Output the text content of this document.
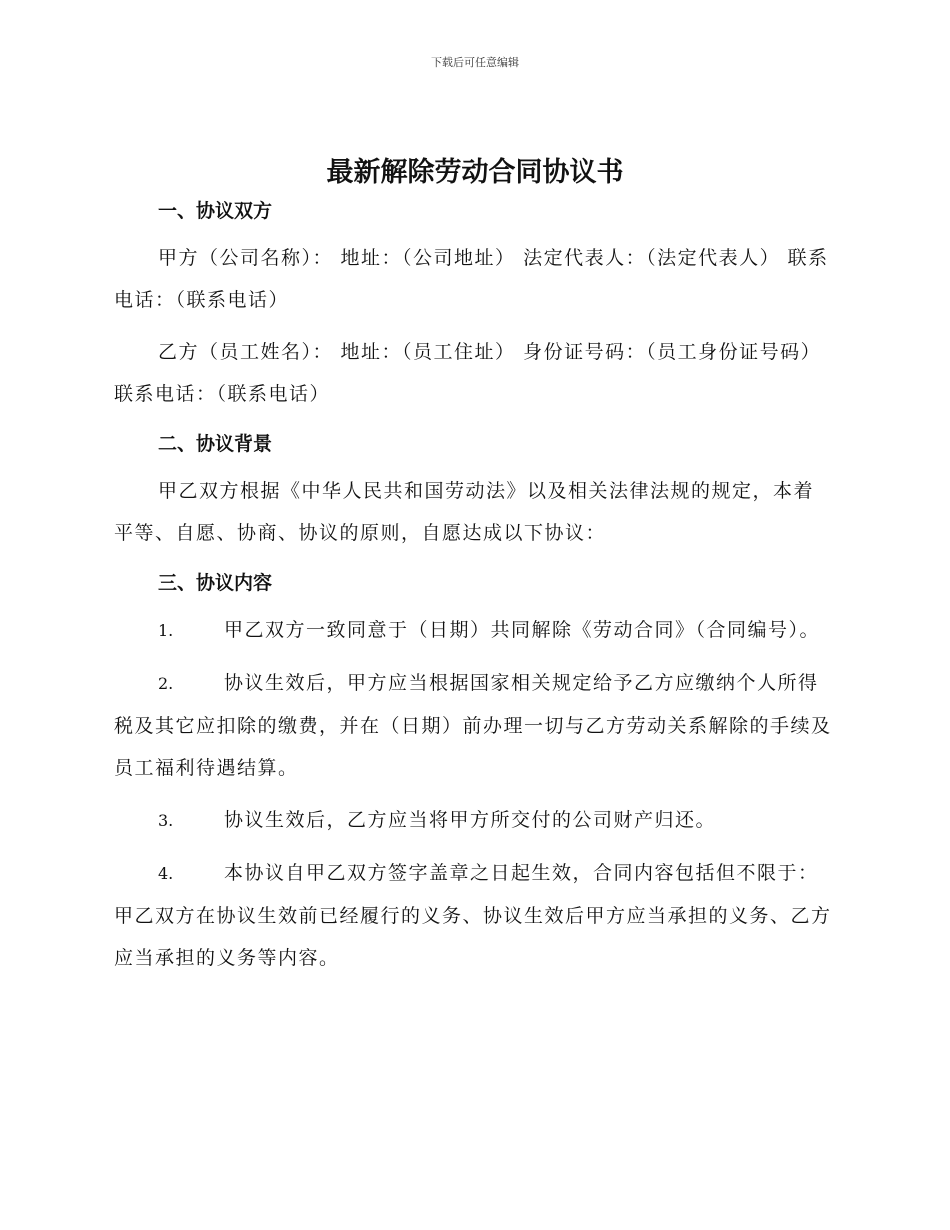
下载后可任意编辑
最新解除劳动合同协议书
一、协议双方

甲方（公司名称）： 地址：（公司地址） 法定代表人：（法定代表人） 联系电话：（联系电话）

乙方（员工姓名）： 地址：（员工住址） 身份证号码：（员工身份证号码） 联系电话：（联系电话）

二、协议背景

甲乙双方根据《中华人民共和国劳动法》以及相关法律法规的规定，本着平等、自愿、协商、协议的原则，自愿达成以下协议：

三、协议内容

1.	甲乙双方一致同意于（日期）共同解除《劳动合同》（合同编号）。

2.	协议生效后，甲方应当根据国家相关规定给予乙方应缴纳个人所得税及其它应扣除的缴费，并在（日期）前办理一切与乙方劳动关系解除的手续及员工福利待遇结算。

3.	协议生效后，乙方应当将甲方所交付的公司财产归还。

4.	本协议自甲乙双方签字盖章之日起生效，合同内容包括但不限于：甲乙双方在协议生效前已经履行的义务、协议生效后甲方应当承担的义务、乙方应当承担的义务等内容。
